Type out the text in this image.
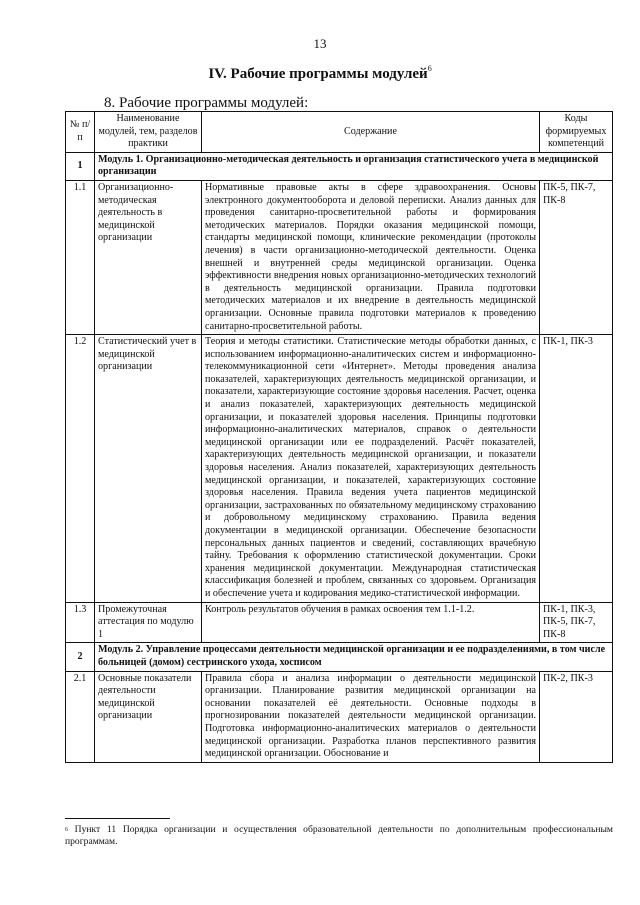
13
IV. Рабочие программы модулей$^6$
8. Рабочие программы модулей:
№ п/п	Наименование модулей, тем, разделов практики	Содержание	Коды формируемых компетенций
1	Модуль 1. Организационно-методическая деятельность и организация статистического учета в медицинской организации		
1.1	Организационно-методическая деятельность в медицинской организации	Нормативные правовые акты в сфере здравоохранения. Основы электронного документооборота и деловой переписки. Анализ данных для проведения санитарно-просветительной работы и формирования методических материалов. Порядки оказания медицинской помощи, стандарты медицинской помощи, клинические рекомендации (протоколы лечения) в части организационно-методической деятельности. Оценка внешней и внутренней среды медицинской организации. Оценка эффективности внедрения новых организационно-методических технологий в деятельность медицинской организации. Правила подготовки методических материалов и их внедрение в деятельность медицинской организации. Основные правила подготовки материалов к проведению санитарно-просветительной работы.	ПК-5, ПК-7, ПК-8
1.2	Статистический учет в медицинской организации	Теория и методы статистики. Статистические методы обработки данных, с использованием информационно-аналитических систем и информационно-телекоммуникационной сети «Интернет». Методы проведения анализа показателей, характеризующих деятельность медицинской организации, и показатели, характеризующие состояние здоровья населения. Расчет, оценка и анализ показателей, характеризующих деятельность медицинской организации, и показателей здоровья населения. Принципы подготовки информационно-аналитических материалов, справок о деятельности медицинской организации или ее подразделений. Расчёт показателей, характеризующих деятельность медицинской организации, и показатели здоровья населения. Анализ показателей, характеризующих деятельность медицинской организации, и показателей, характеризующих состояние здоровья населения. Правила ведения учета пациентов медицинской организации, застрахованных по обязательному медицинскому страхованию и добровольному медицинскому страхованию. Правила ведения документации в медицинской организации. Обеспечение безопасности персональных данных пациентов и сведений, составляющих врачебную тайну. Требования к оформлению статистической документации. Сроки хранения медицинской документации. Международная статистическая классификация болезней и проблем, связанных со здоровьем. Организация и обеспечение учета и кодирования медико-статистической информации.	ПК-1, ПК-3
1.3	Промежуточная аттестация по модулю 1	Контроль результатов обучения в рамках освоения тем 1.1-1.2.	ПК-1, ПК-3, ПК-5, ПК-7, ПК-8
2	Модуль 2. Управление процессами деятельности медицинской организации и ее подразделениями, в том числе больницей (домом) сестринского ухода, хосписом		
2.1	Основные показатели деятельности медицинской организации	Правила сбора и анализа информации о деятельности медицинской организации. Планирование развития медицинской организации на основании показателей её деятельности. Основные подходы в прогнозировании показателей деятельности медицинской организации. Подготовка информационно-аналитических материалов о деятельности медицинской организации. Разработка планов перспективного развития медицинской организации. Обоснование и	ПК-2, ПК-3
$^6$ Пункт 11 Порядка организации и осуществления образовательной деятельности по дополнительным профессиональным программам.
